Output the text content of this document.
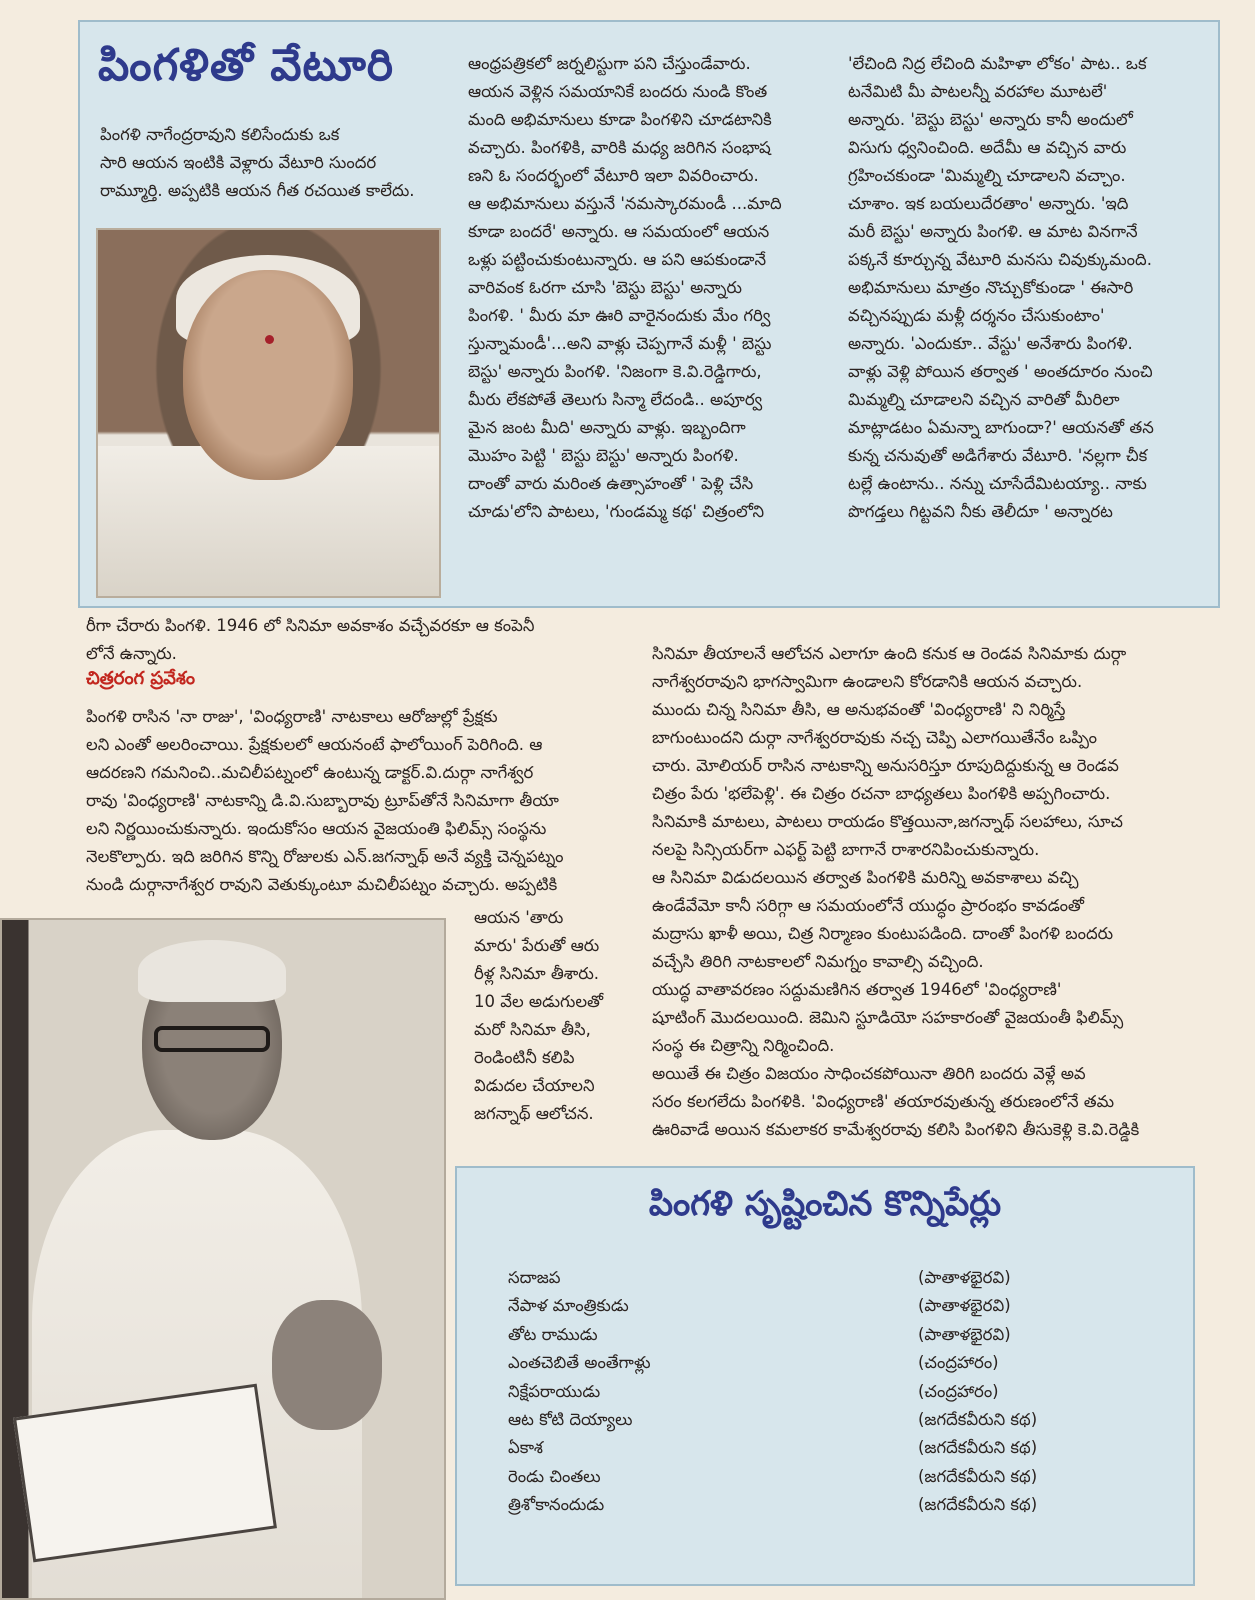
పింగళితో వేటూరి

పింగళి నాగేంద్రరావుని కలిసేందుకు ఒక
సారి ఆయన ఇంటికి వెళ్లారు వేటూరి సుందర
రామ్మూర్తి. అప్పటికి ఆయన గీత రచయిత కాలేదు.

ఆంధ్రపత్రికలో జర్నలిస్టుగా పని చేస్తుండేవారు.
ఆయన వెళ్లిన సమయానికే బందరు నుండి కొంత
మంది అభిమానులు కూడా పింగళిని చూడటానికి
వచ్చారు. పింగళికి, వారికి మధ్య జరిగిన సంభాష
ణని ఓ సందర్భంలో వేటూరి ఇలా వివరించారు.
ఆ అభిమానులు వస్తునే 'నమస్కారమండీ ...మాది
కూడా బందరే' అన్నారు. ఆ సమయంలో ఆయన
ఒళ్లు పట్టించుకుంటున్నారు. ఆ పని ఆపకుండానే
వారివంక ఓరగా చూసి 'బెస్టు బెస్టు' అన్నారు
పింగళి. ' మీరు మా ఊరి వారైనందుకు మేం గర్వి
స్తున్నామండీ'...అని వాళ్లు చెప్పగానే మళ్లీ ' బెస్టు
బెస్టు' అన్నారు పింగళి. 'నిజంగా కె.వి.రెడ్డిగారు,
మీరు లేకపోతే తెలుగు సిన్మా లేదండి.. అపూర్వ
మైన జంట మీది' అన్నారు వాళ్లు. ఇబ్బందిగా
మొహం పెట్టి ' బెస్టు బెస్టు' అన్నారు పింగళి.
దాంతో వారు మరింత ఉత్సాహంతో ' పెళ్లి చేసి
చూడు'లోని పాటలు, 'గుండమ్మ కథ' చిత్రంలోని

'లేచింది నిద్ర లేచింది మహిళా లోకం' పాట.. ఒక
టనేమిటి మీ పాటలన్నీ వరహాల మూటలే'
అన్నారు. 'బెస్టు బెస్టు' అన్నారు కానీ అందులో
విసుగు ధ్వనించింది. అదేమీ ఆ వచ్చిన వారు
గ్రహించకుండా 'మిమ్మల్ని చూడాలని వచ్చాం.
చూశాం. ఇక బయలుదేరతాం' అన్నారు. 'ఇది
మరీ బెస్టు' అన్నారు పింగళి. ఆ మాట వినగానే
పక్కనే కూర్చున్న వేటూరి మనసు చివుక్కుమంది.
అభిమానులు మాత్రం నొచ్చుకోకుండా ' ఈసారి
వచ్చినప్పుడు మళ్లీ దర్శనం చేసుకుంటాం'
అన్నారు. 'ఎందుకూ.. వేస్టు' అనేశారు పింగళి.
వాళ్లు వెళ్లి పోయిన తర్వాత ' అంతదూరం నుంచి
మిమ్మల్ని చూడాలని వచ్చిన వారితో మీరిలా
మాట్లాడటం ఏమన్నా బాగుందా?' ఆయనతో తన
కున్న చనువుతో అడిగేశారు వేటూరి. 'నల్లగా చీక
టల్లే ఉంటాను.. నన్ను చూసేదేమిటయ్యా.. నాకు
పొగడ్తలు గిట్టవని నీకు తెలీదూ ' అన్నారట

రీగా చేరారు పింగళి. 1946 లో సినిమా అవకాశం వచ్చేవరకూ ఆ కంపెనీ
లోనే ఉన్నారు.

చిత్రరంగ ప్రవేశం

పింగళి రాసిన 'నా రాజు', 'వింధ్యరాణి' నాటకాలు ఆరోజుల్లో ప్రేక్షకు
లని ఎంతో అలరించాయి. ప్రేక్షకులలో ఆయనంటే ఫాలోయింగ్ పెరిగింది. ఆ
ఆదరణని గమనించి..మచిలీపట్నంలో ఉంటున్న డాక్టర్.వి.దుర్గా నాగేశ్వర
రావు 'వింధ్యరాణి' నాటకాన్ని డి.వి.సుబ్బారావు ట్రూప్‌తోనే సినిమాగా తీయా
లని నిర్ణయించుకున్నారు. ఇందుకోసం ఆయన వైజయంతి ఫిలిమ్స్ సంస్థను
నెలకొల్పారు. ఇది జరిగిన కొన్ని రోజులకు ఎన్.జగన్నాథ్ అనే వ్యక్తి చెన్నపట్నం
నుండి దుర్గానాగేశ్వర రావుని వెతుక్కుంటూ మచిలీపట్నం వచ్చారు. అప్పటికి

ఆయన 'తారు
మారు' పేరుతో ఆరు
రీళ్ల సినిమా తీశారు.
10 వేల అడుగులతో
మరో సినిమా తీసి,
రెండింటినీ కలిపి
విడుదల చేయాలని
జగన్నాథ్ ఆలోచన.

సినిమా తీయాలనే ఆలోచన ఎలాగూ ఉంది కనుక ఆ రెండవ సినిమాకు దుర్గా
నాగేశ్వరరావుని భాగస్వామిగా ఉండాలని కోరడానికి ఆయన వచ్చారు.
ముందు చిన్న సినిమా తీసి, ఆ అనుభవంతో 'వింధ్యరాణి' ని నిర్మిస్తే
బాగుంటుందని దుర్గా నాగేశ్వరరావుకు నచ్చ చెప్పి ఎలాగయితేనేం ఒప్పిం
చారు. మోలియర్ రాసిన నాటకాన్ని అనుసరిస్తూ రూపుదిద్దుకున్న ఆ రెండవ
చిత్రం పేరు 'భలేపెళ్లి'. ఈ చిత్రం రచనా బాధ్యతలు పింగళికి అప్పగించారు.
సినిమాకి మాటలు, పాటలు రాయడం కొత్తయినా,జగన్నాథ్ సలహాలు, సూచ
నలపై సిన్సియర్‌గా ఎఫర్ట్ పెట్టి బాగానే రాశారనిపించుకున్నారు.
ఆ సినిమా విడుదలయిన తర్వాత పింగళికి మరిన్ని అవకాశాలు వచ్చి
ఉండేవేమో కానీ సరిగ్గా ఆ సమయంలోనే యుద్ధం ప్రారంభం కావడంతో
మద్రాసు ఖాళీ అయి, చిత్ర నిర్మాణం కుంటుపడింది. దాంతో పింగళి బందరు
వచ్చేసి తిరిగి నాటకాలలో నిమగ్నం కావాల్సి వచ్చింది.
యుద్ధ వాతావరణం సద్దుమణిగిన తర్వాత 1946లో 'వింధ్యరాణి'
షూటింగ్ మొదలయింది. జెమిని స్టూడియో సహకారంతో వైజయంతీ ఫిలిమ్స్
సంస్థ ఈ చిత్రాన్ని నిర్మించింది.
అయితే ఈ చిత్రం విజయం సాధించకపోయినా తిరిగి బందరు వెళ్లే అవ
సరం కలగలేదు పింగళికి. 'వింధ్యరాణి' తయారవుతున్న తరుణంలోనే తమ
ఊరివాడే అయిన కమలాకర కామేశ్వరరావు కలిసి పింగళిని తీసుకెళ్లి కె.వి.రెడ్డికి

పింగళి సృష్టించిన కొన్నిపేర్లు
సదాజప	(పాతాళభైరవి)
నేపాళ మాంత్రికుడు	(పాతాళభైరవి)
తోట రాముడు	(పాతాళభైరవి)
ఎంతచెబితే అంతేగాళ్లు	(చంద్రహారం)
నిక్షేపరాయుడు	(చంద్రహారం)
ఆట కోటి దెయ్యాలు	(జగదేకవీరుని కథ)
ఏకాశ	(జగదేకవీరుని కథ)
రెండు చింతలు	(జగదేకవీరుని కథ)
త్రిశోకానందుడు	(జగదేకవీరుని కథ)
